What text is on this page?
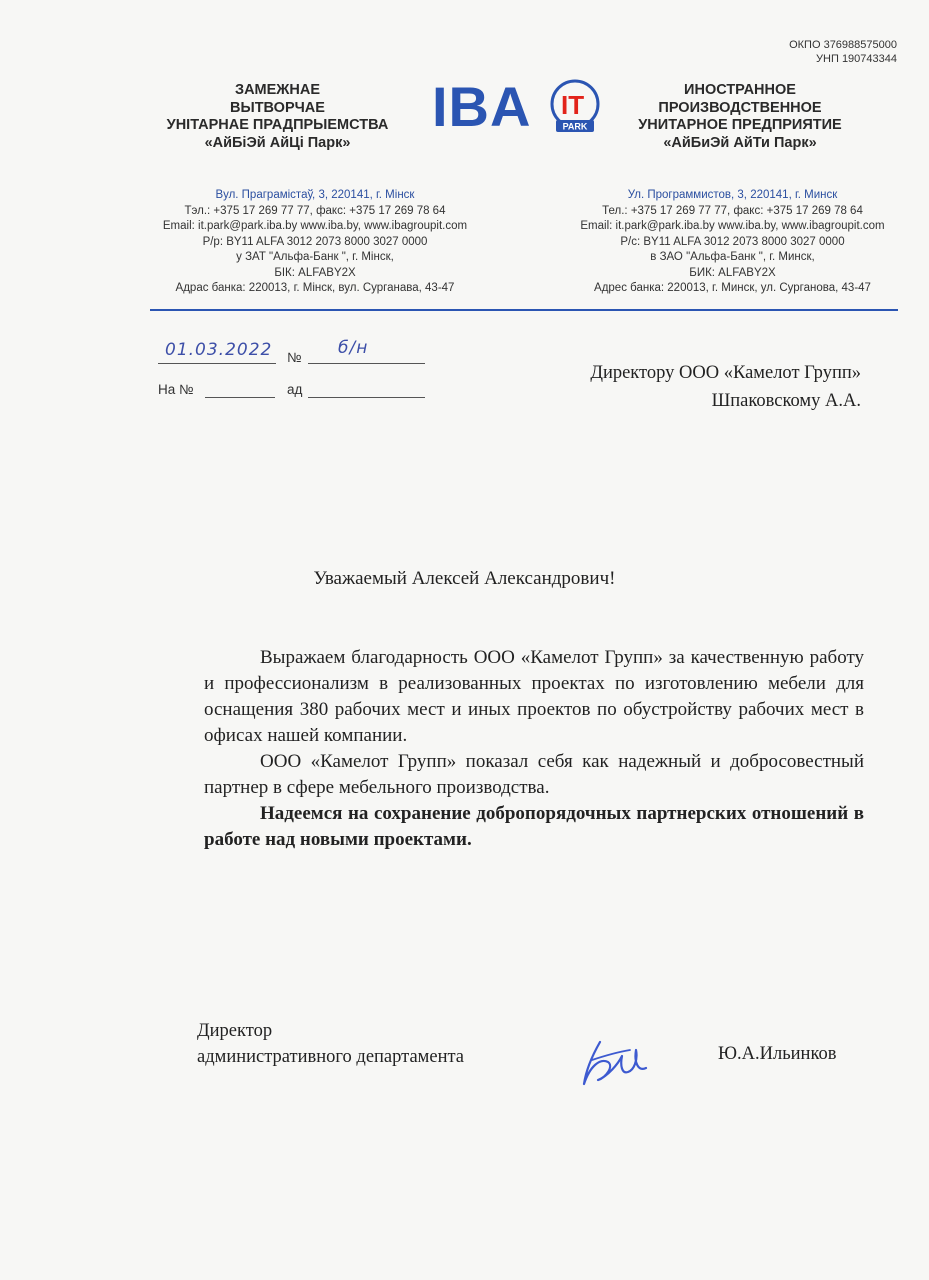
ОКПО 376988575000
УНП 190743344
ЗАМЕЖНАЕ
ВЫТВОРЧАЕ
УНІТАРНАЕ ПРАДПРЫЕМСТВА
«АйБіЭй АйЦі Парк»
IBA IT
PARK
ИНОСТРАННОЕ
ПРОИЗВОДСТВЕННОЕ
УНИТАРНОЕ ПРЕДПРИЯТИЕ
«АйБиЭй АйТи Парк»
Вул. Праграмістаў, 3, 220141, г. Мінск
Тэл.: +375 17 269 77 77, факс: +375 17 269 78 64
Email: it.park@park.iba.by www.iba.by, www.ibagroupit.com
Р/р: BY11 ALFA 3012 2073 8000 3027 0000
у ЗАТ "Альфа-Банк ", г. Мінск,
БІК: ALFABY2X
Адрас банка: 220013, г. Мінск, вул. Сурганава, 43-47
Ул. Программистов, 3, 220141, г. Минск
Тел.: +375 17 269 77 77, факс: +375 17 269 78 64
Email: it.park@park.iba.by www.iba.by, www.ibagroupit.com
Р/с: BY11 ALFA 3012 2073 8000 3027 0000
в ЗАО "Альфа-Банк ", г. Минск,
БИК: ALFABY2X
Адрес банка: 220013, г. Минск, ул. Сурганова, 43-47
01.03.2022 № б/н
На №	ад
Директору ООО «Камелот Групп»
Шпаковскому А.А.
Уважаемый Алексей Александрович!

Выражаем благодарность ООО «Камелот Групп» за качественную работу и профессионализм в реализованных проектах по изготовлению мебели для оснащения 380 рабочих мест и иных проектов по обустройству рабочих мест в офисах нашей компании.

ООО «Камелот Групп» показал себя как надежный и добросовестный партнер в сфере мебельного производства.

Надеемся на сохранение добропорядочных партнерских отношений в работе над новыми проектами.

Директор
административного департамента	Ю.А.Ильинков
